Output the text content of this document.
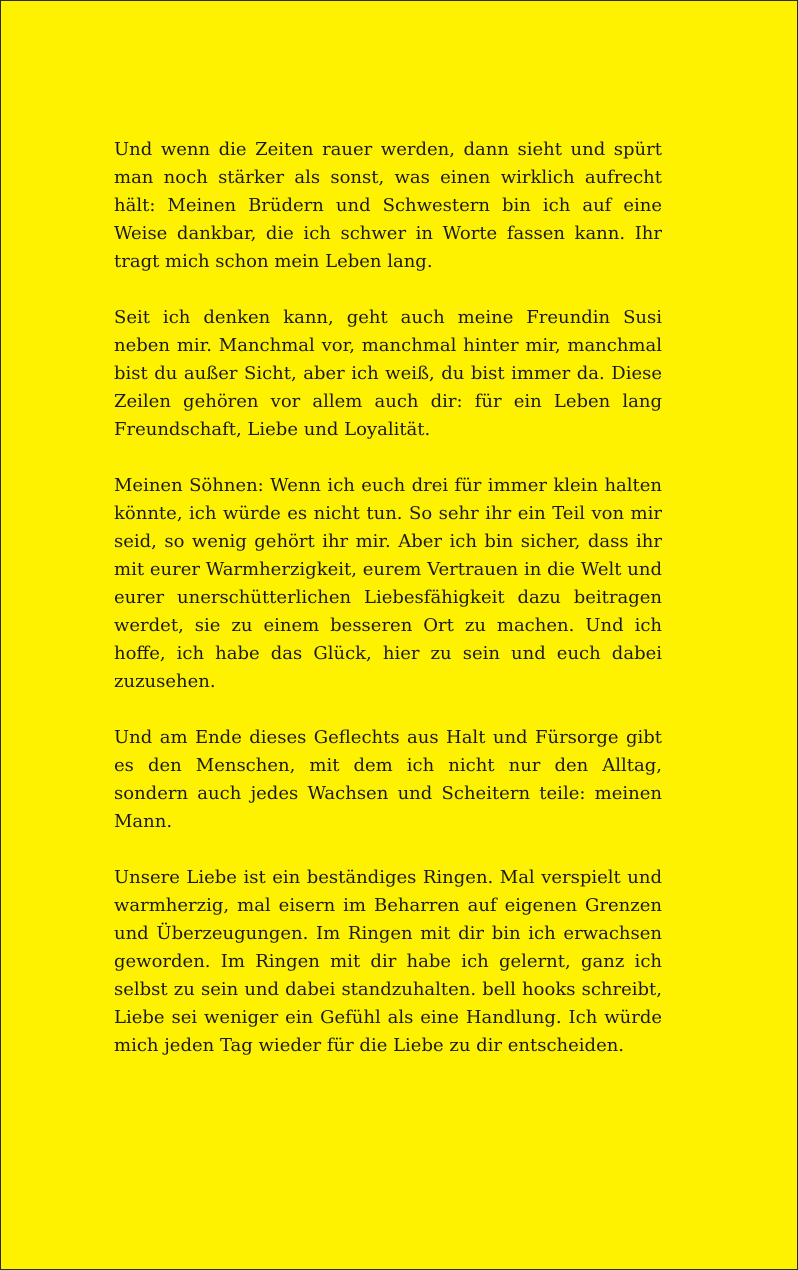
Und wenn die Zeiten rauer werden, dann sieht und spürt man noch stärker als sonst, was einen wirklich aufrecht hält: Meinen Brüdern und Schwestern bin ich auf eine Weise dankbar, die ich schwer in Worte fassen kann. Ihr tragt mich schon mein Leben lang.

Seit ich denken kann, geht auch meine Freundin Susi neben mir. Manchmal vor, manchmal hinter mir, manchmal bist du außer Sicht, aber ich weiß, du bist immer da. Diese Zeilen gehören vor allem auch dir: für ein Leben lang Freundschaft, Liebe und Loyalität.

Meinen Söhnen: Wenn ich euch drei für immer klein halten könnte, ich würde es nicht tun. So sehr ihr ein Teil von mir seid, so wenig gehört ihr mir. Aber ich bin sicher, dass ihr mit eurer Warmherzigkeit, eurem Vertrauen in die Welt und eurer unerschütterlichen Liebesfähigkeit dazu beitragen werdet, sie zu einem besseren Ort zu machen. Und ich hoffe, ich habe das Glück, hier zu sein und euch dabei zuzusehen.

Und am Ende dieses Geflechts aus Halt und Fürsorge gibt es den Menschen, mit dem ich nicht nur den Alltag, sondern auch jedes Wachsen und Scheitern teile: meinen Mann.

Unsere Liebe ist ein beständiges Ringen. Mal verspielt und warmherzig, mal eisern im Beharren auf eigenen Grenzen und Überzeugungen. Im Ringen mit dir bin ich erwachsen geworden. Im Ringen mit dir habe ich gelernt, ganz ich selbst zu sein und dabei standzuhalten. bell hooks schreibt, Liebe sei weniger ein Gefühl als eine Handlung. Ich würde mich jeden Tag wieder für die Liebe zu dir entscheiden.
